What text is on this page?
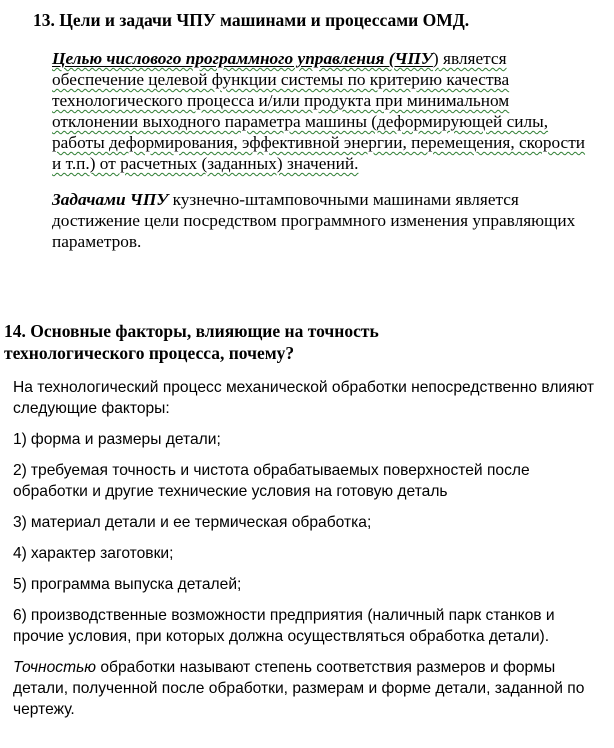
13. Цели и задачи ЧПУ машинами и процессами ОМД.

Целью числового программного управления (ЧПУ) является обеспечение целевой функции системы по критерию качества технологического процесса и/или продукта при минимальном отклонении выходного параметра машины (деформирующей силы, работы деформирования, эффективной энергии, перемещения, скорости и т.п.) от расчетных (заданных) значений.

Задачами ЧПУ кузнечно-штамповочными машинами является достижение цели посредством программного изменения управляющих параметров.

14. Основные факторы, влияющие на точность
технологического процесса, почему?

На технологический процесс механической обработки непосредственно влияют следующие факторы:

1) форма и размеры детали;

2) требуемая точность и чистота обрабатываемых поверхностей после обработки и другие технические условия на готовую деталь

3) материал детали и ее термическая обработка;

4) характер заготовки;

5) программа выпуска деталей;

6) производственные возможности предприятия (наличный парк станков и прочие условия, при которых должна осуществляться обработка детали).

Точностью обработки называют степень соответствия размеров и формы детали, полученной после обработки, размерам и форме детали, заданной по чертежу.
